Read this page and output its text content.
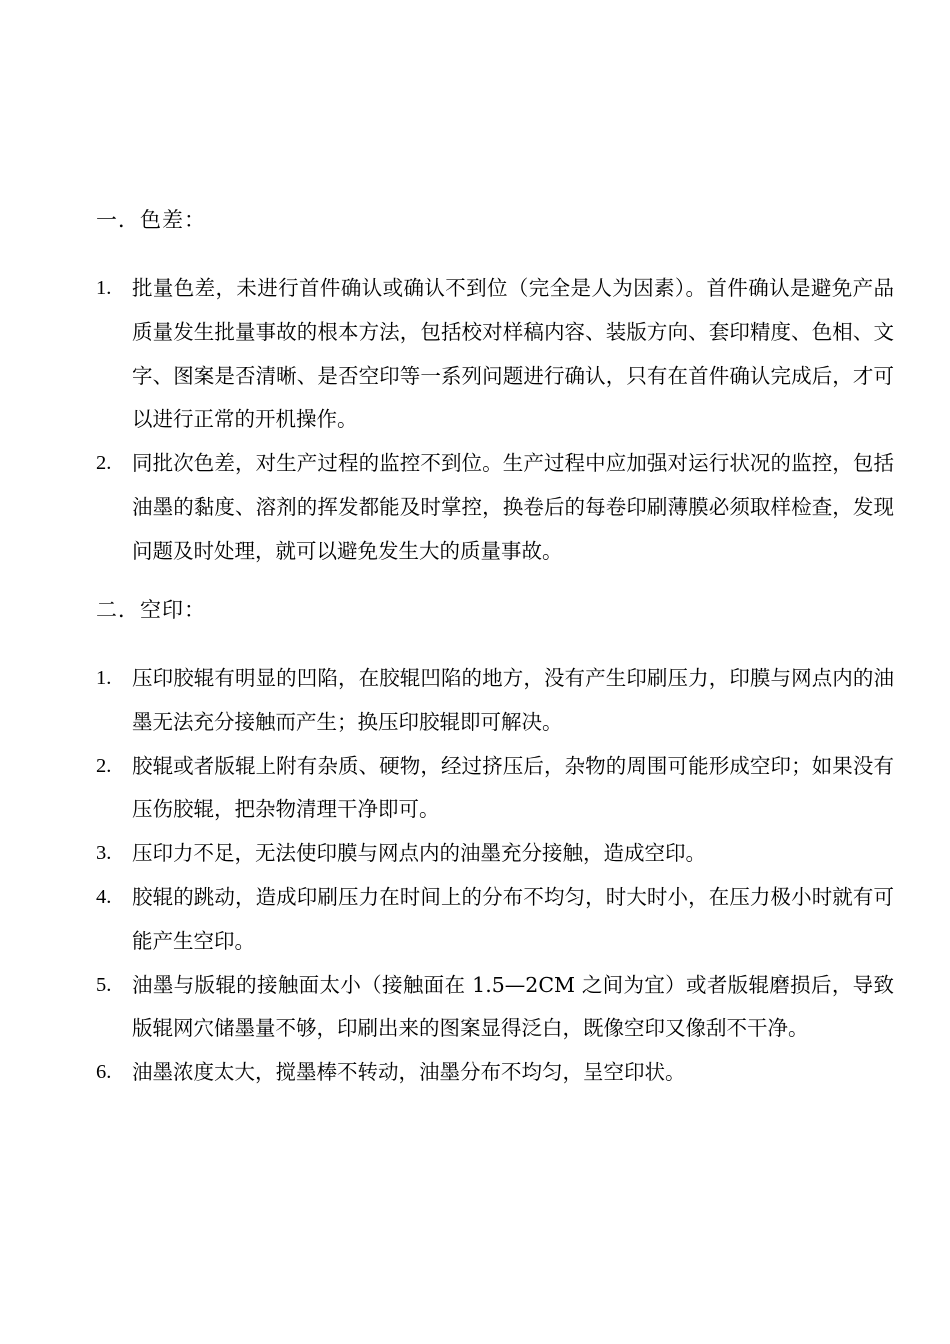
一．色差：
1. 批量色差，未进行首件确认或确认不到位（完全是人为因素）。首件确认是避免产品质量发生批量事故的根本方法，包括校对样稿内容、装版方向、套印精度、色相、文字、图案是否清晰、是否空印等一系列问题进行确认，只有在首件确认完成后，才可以进行正常的开机操作。
2. 同批次色差，对生产过程的监控不到位。生产过程中应加强对运行状况的监控，包括油墨的黏度、溶剂的挥发都能及时掌控，换卷后的每卷印刷薄膜必须取样检查，发现问题及时处理，就可以避免发生大的质量事故。
二．空印：
1. 压印胶辊有明显的凹陷，在胶辊凹陷的地方，没有产生印刷压力，印膜与网点内的油墨无法充分接触而产生；换压印胶辊即可解决。
2. 胶辊或者版辊上附有杂质、硬物，经过挤压后，杂物的周围可能形成空印；如果没有压伤胶辊，把杂物清理干净即可。
3. 压印力不足，无法使印膜与网点内的油墨充分接触，造成空印。
4. 胶辊的跳动，造成印刷压力在时间上的分布不均匀，时大时小，在压力极小时就有可能产生空印。
5. 油墨与版辊的接触面太小（接触面在 1.5—2CM 之间为宜）或者版辊磨损后，导致版辊网穴储墨量不够，印刷出来的图案显得泛白，既像空印又像刮不干净。
6. 油墨浓度太大，搅墨棒不转动，油墨分布不均匀，呈空印状。
